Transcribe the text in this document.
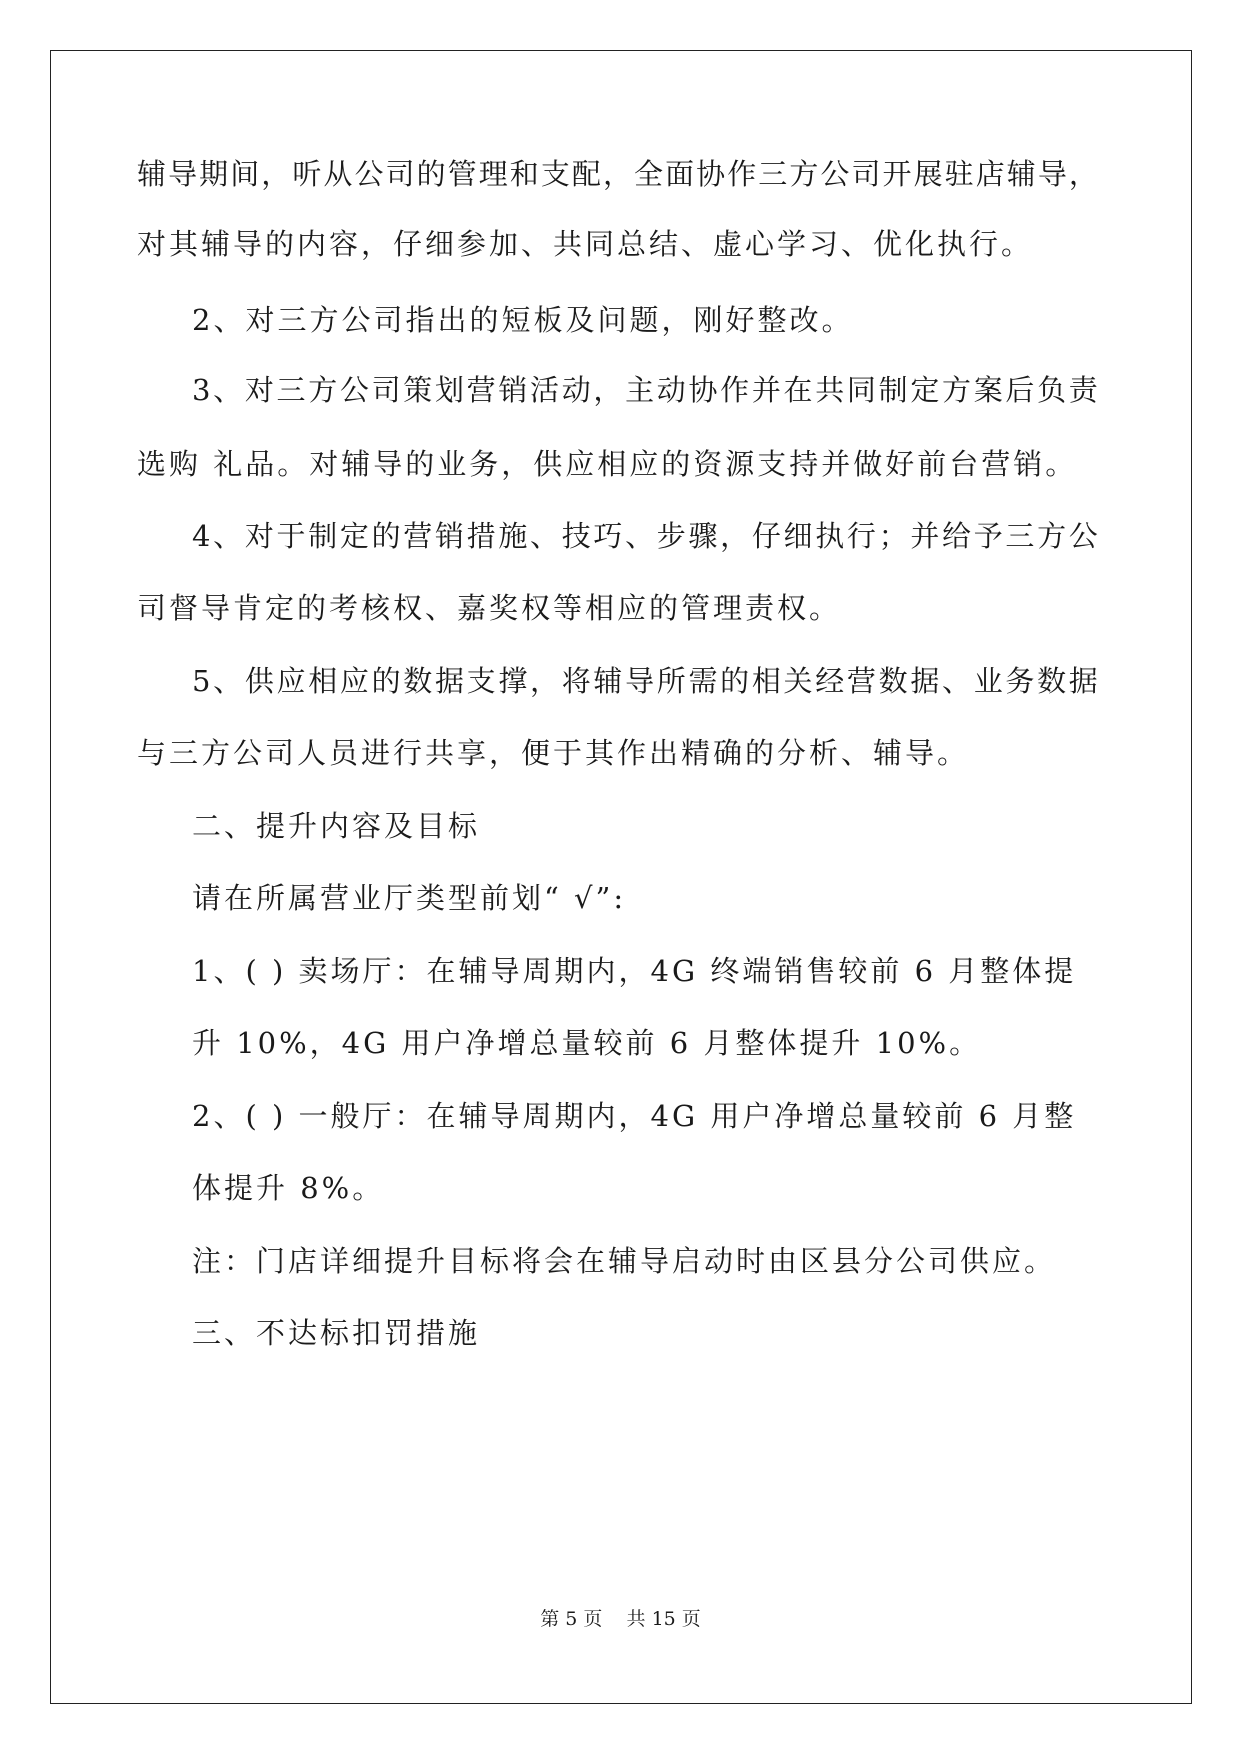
辅导期间，听从公司的管理和支配，全面协作三方公司开展驻店辅导，
对其辅导的内容，仔细参加、共同总结、虚心学习、优化执行。
2、对三方公司指出的短板及问题，刚好整改。
3、对三方公司策划营销活动，主动协作并在共同制定方案后负责
选购 礼品。对辅导的业务，供应相应的资源支持并做好前台营销。
4、对于制定的营销措施、技巧、步骤，仔细执行；并给予三方公
司督导肯定的考核权、嘉奖权等相应的管理责权。
5、供应相应的数据支撑，将辅导所需的相关经营数据、业务数据
与三方公司人员进行共享，便于其作出精确的分析、辅导。
二、提升内容及目标
请在所属营业厅类型前划“ √”:
1、( ) 卖场厅：在辅导周期内，4G 终端销售较前 6 月整体提
升 10%，4G 用户净增总量较前 6 月整体提升 10%。
2、( ) 一般厅：在辅导周期内，4G 用户净增总量较前 6 月整
体提升 8%。
注：门店详细提升目标将会在辅导启动时由区县分公司供应。
三、不达标扣罚措施
第 5 页    共 15 页
